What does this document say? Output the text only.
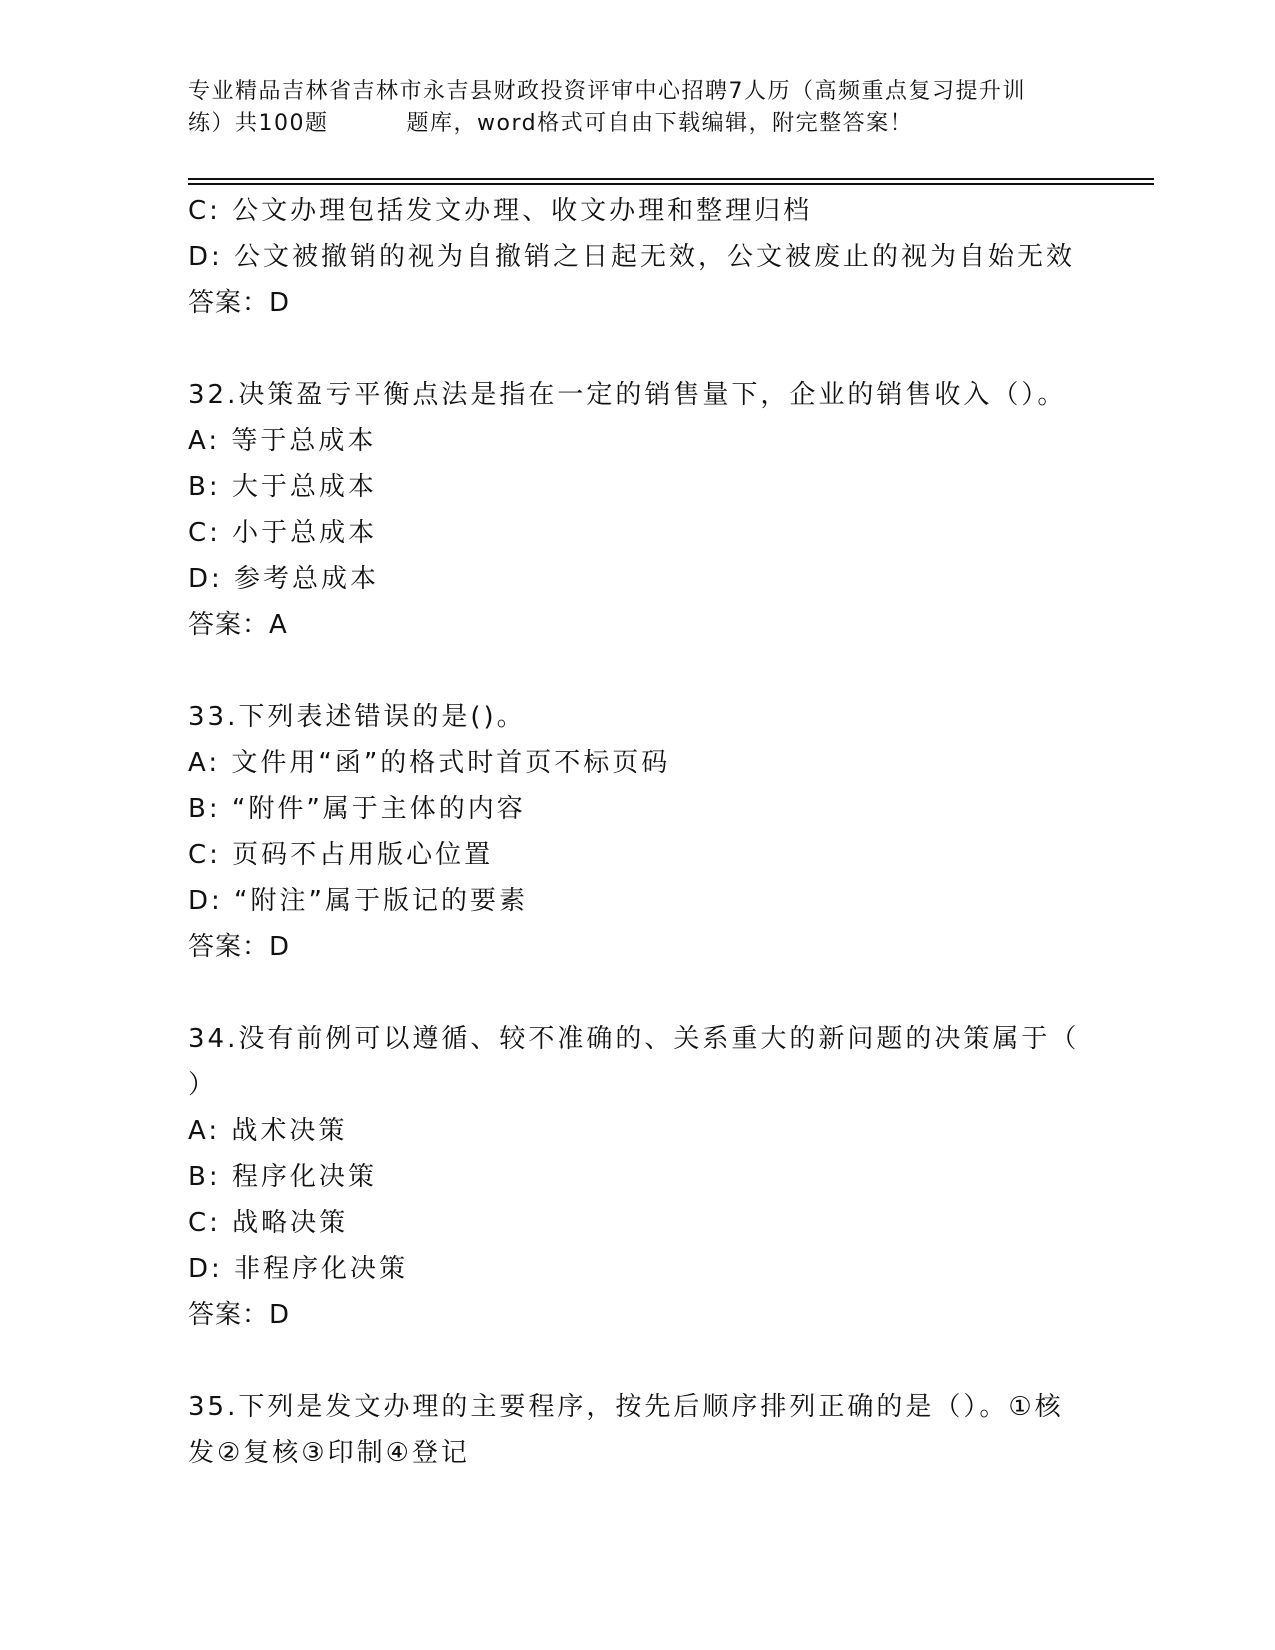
专业精品吉林省吉林市永吉县财政投资评审中心招聘7人历（高频重点复习提升训
练）共100题	题库，word格式可自由下载编辑，附完整答案！
C: 公文办理包括发文办理、收文办理和整理归档
D: 公文被撤销的视为自撤销之日起无效，公文被废止的视为自始无效
答案：D
32.决策盈亏平衡点法是指在一定的销售量下，企业的销售收入（）。
A: 等于总成本
B: 大于总成本
C: 小于总成本
D: 参考总成本
答案：A
33.下列表述错误的是()。
A: 文件用“函”的格式时首页不标页码
B: “附件”属于主体的内容
C: 页码不占用版心位置
D: “附注”属于版记的要素
答案：D
34.没有前例可以遵循、较不准确的、关系重大的新问题的决策属于（
）
A: 战术决策
B: 程序化决策
C: 战略决策
D: 非程序化决策
答案：D
35.下列是发文办理的主要程序，按先后顺序排列正确的是（）。①核
发②复核③印制④登记
